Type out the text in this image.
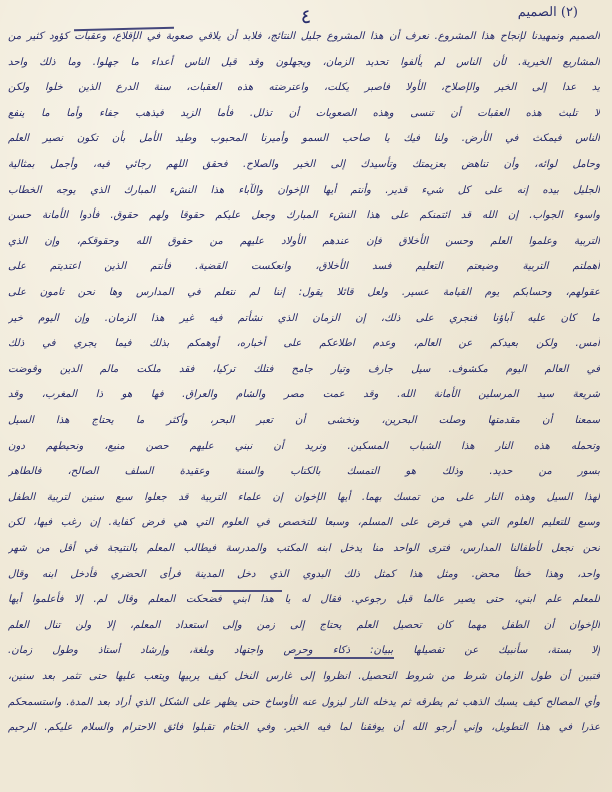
٤	(٢) الصميم
الصميم ونمهيدنا لإنجاح هذا المشروع. نعرف أن هذا المشروع جليل النتائج، فلابد أن يلاقي صعوبة في الإقلاع، وعقبات كؤود كثير من
المشاريع الخيرية. لأن الناس لم يألفوا تحديد الزمان، ويجهلون وقد قيل الناس أعداء ما جهلوا. وما ذلك واحد
يد عدا إلى الخير والإصلاح، الأولا فاصبر يكلت، واعترضته هذه العقبات، سنة الدرع الذين خلوا ولكن
لا تلبث هذه العقبات أن تنسى وهذه الصعوبات أن تذلل. فأما الزبد فيذهب جفاء وأما ما ينفع
الناس فيمكث في الأرض. ولنا فيك يا صاحب السمو وأميرنا المحبوب وطيد الأمل بأن تكون نصير العلم
وحامل لوائه، وأن تناهض بعزيمتك وتأسيدك إلى الخير والصلاح. فحقق اللهم رجائي فيه، وأجمل بمثالية
الجليل بيده إنه على كل شيء قدير. وأنتم أيها الإخوان والآباء هذا النشء المبارك الذي يوجه الخطاب
واسوء الجواب. إن الله قد ائتمنكم على هذا النشء المبارك وجعل عليكم حقوقا ولهم حقوق. فأدوا الأمانة حسن
التربية وعلموا العلم وحسن الأخلاق فإن عندهم الأولاد عليهم من حقوق الله وحقوقكم، وإن الذي
أهملتم التربية وضيعتم التعليم فسد الأخلاق، وانعكست القضية. فأنتم الذين اعتديتم على
عقولهم، وحسابكم يوم القيامة عسير. ولعل قائلا يقول: إننا لم نتعلم في المدارس وها نحن تامون على
ما كان عليه آباؤنا فنجري على ذلك، إن الزمان الذي نشأتم فيه غير هذا الزمان. وإن اليوم خير
أمس. ولكن بعيدكم عن العالم، وعدم اطلاعكم على أخباره، أوهمكم بذلك فيما يجري في ذلك
في العالم اليوم مكشوف. سيل جارف وتيار جامح فتلك تركيا، فقد ملكت مالم الدين وقوضت
شريعة سيد المرسلين الأمانة الله. وقد عمت مصر والشام والعراق. فها هو ذا المغرب، وقد
سمعنا أن مقدمتها وصلت البحرين، ونخشى أن تعبر البحر، وأكثر ما يحتاج هذا السيل
وتحمله هذه النار هذا الشباب المسكين. ونريد أن نبني عليهم حصن منيع، ونحيطهم دون
بسور من حديد. وذلك هو التمسك بالكتاب والسنة وعقيدة السلف الصالح، فالطاهر
لهذا السيل وهذه النار على من تمسك بهما. أيها الإخوان إن علماء التربية قد جعلوا سبع سنين لتربية الطفل
وسبع للتعليم العلوم التي هي فرض على المسلم، وسبعا للتخصص في العلوم التي هي فرض كفاية. إن رغب فيها، لكن
نحن نجعل لأطفالنا المدارس، فترى الواحد منا يدخل ابنه المكتب والمدرسة فيطالب المعلم بالنتيجة في أقل من شهر
واحد، وهذا خطأ محض. ومثل هذا كمثل ذلك البدوي الذي دخل المدينة فرأى الحضري فأدخل ابنه وقال
للمعلم علم ابني، حتى يصير عالما قبل رجوعي. فقال له يا هذا ابني فضحكت المعلم وقال لم. إلا فأعلموا أيها
الإخوان أن الطفل مهما كان تحصيل العلم يحتاج إلى زمن وإلى استعداد المعلم، إلا ولن تنال العلم
إلا بستة، سأنبيك عن تفصيلها ببيان: ذكاء وحرص واجتهاد وبلغة، وإرشاد أستاذ وطول زمان.
فتبين أن طول الزمان شرط من شروط التحصيل. انظروا إلى غارس النخل كيف يربيها ويتعب عليها حتى تثمر بعد سنين،
وأي المصالح كيف يسبك الذهب ثم يطرقه ثم يدخله النار ليزول عنه الأوساخ حتى يظهر على الشكل الذي أراد بعد المدة. واستسمحكم
عذرا في هذا التطويل، وإني أرجو الله أن يوفقنا لما فيه الخير. وفي الختام تقبلوا فائق الاحترام والسلام عليكم. الرحيم
